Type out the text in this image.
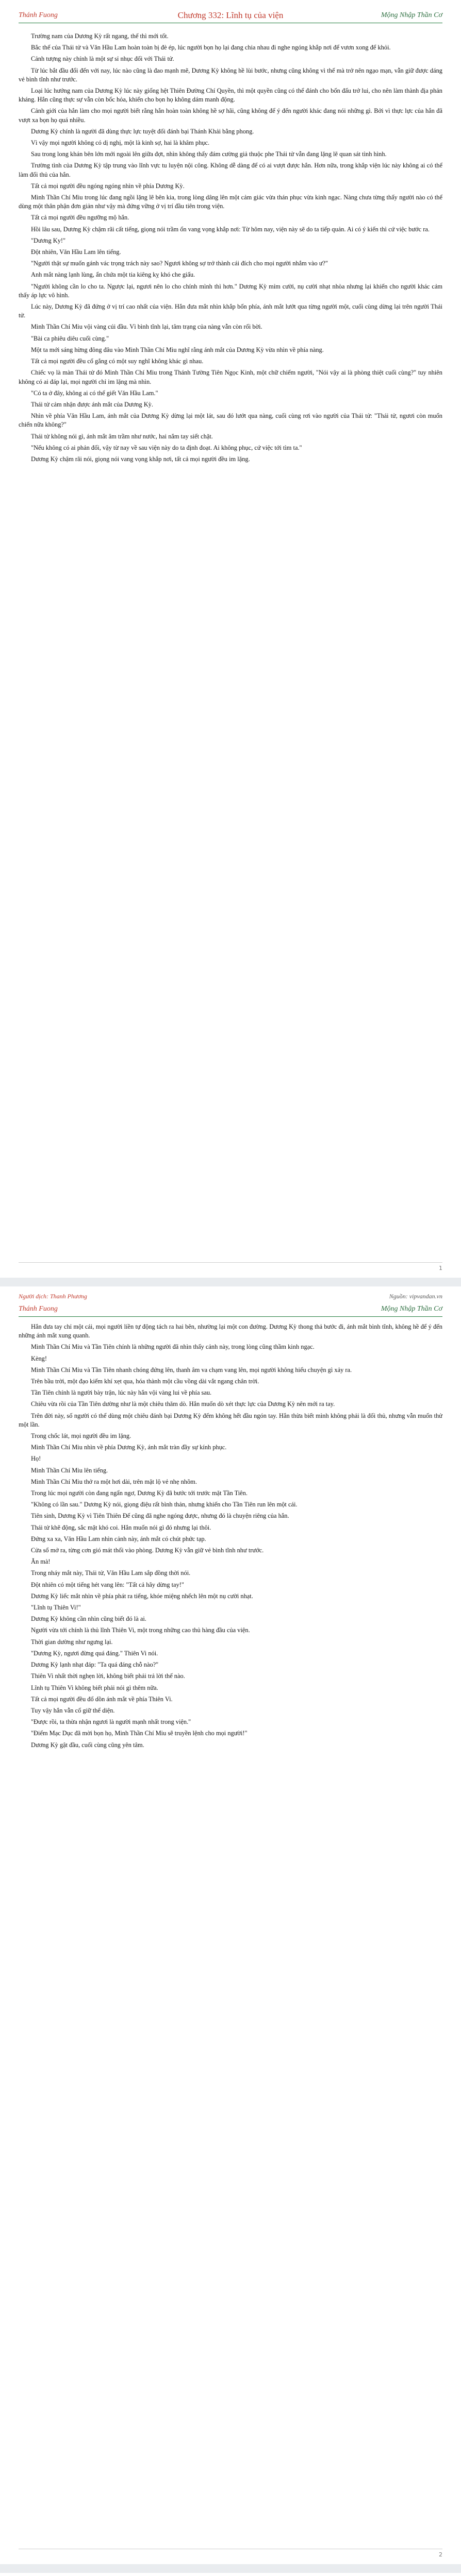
Thánh Fuong	Mộng Nhập Thần Cơ
Chương 332: Lĩnh tụ của viện

Trường nam của Dương Kỳ rất ngang, thế thì mới tốt.

Bắc thế của Thái tử và Văn Hầu Lam hoàn toàn bị đè ép, lúc người bọn họ lại đang chia nhau đi nghe ngóng khắp nơi để vươn xong để khỏi.

Cảnh tượng này chính là một sự sỉ nhục đối với Thái tử.

Từ lúc bắt đầu đổi đến với nay, lúc nào cũng là đao mạnh mẽ, Dương Kỳ không hề lùi bước, nhưng cũng không vì thế mà trở nên ngạo mạn, vẫn giữ được dáng vẻ bình tĩnh như trước.

Loại lúc hướng nam của Dương Kỳ lúc này giống hệt Thiên Đường Chí Quyền, thì một quyền cũng có thể đánh cho bốn đấu trở lui, cho nên làm thành địa phản kháng. Hắn cũng thực sự vẫn còn bốc hỏa, khiến cho bọn họ không dám manh động.

Cảnh giới của hắn làm cho mọi người biết rằng hắn hoàn toàn không hề sợ hãi, cũng không để ý đến người khác đang nói những gì. Bởi vì thực lực của hắn đã vượt xa bọn họ quá nhiều.

Dương Kỳ chính là người đã dùng thực lực tuyệt đối đánh bại Thánh Khải bằng phong.

Vì vậy mọi người không có dị nghị, một là kinh sợ, hai là khâm phục.

Sau trong long khán bên lớn mới ngoài lên giữa đợt, nhìn không thấy đám cường giả thuộc phe Thái tử vẫn đang lặng lẽ quan sát tình hình.

Trường tình của Dương Kỳ tập trung vào lĩnh vực tu luyện nội công. Không dễ dàng để có ai vượt được hắn. Hơn nữa, trong khắp viện lúc này không ai có thể làm đối thủ của hắn.

Tất cả mọi người đều ngóng ngóng nhìn về phía Dương Kỳ.

Minh Thần Chí Miu trong lúc đang ngồi lặng lẽ bên kia, trong lòng dâng lên một cảm giác vừa thán phục vừa kinh ngạc. Nàng chưa từng thấy người nào có thể dùng một thân phận đơn giản như vậy mà đứng vững ở vị trí đầu tiên trong viện.

Tất cả mọi người đều ngưỡng mộ hắn.

Hồi lâu sau, Dương Kỳ chậm rãi cất tiếng, giọng nói trầm ổn vang vọng khắp nơi: Từ hôm nay, viện này sẽ do ta tiếp quản. Ai có ý kiến thì cứ việc bước ra.

"Dương Ky!"

Đột nhiên, Văn Hầu Lam lên tiếng.

"Người thật sự muốn gánh vác trọng trách này sao? Ngươi không sợ trở thành cái đích cho mọi người nhắm vào ư?"

Anh mắt nàng lạnh lùng, ẩn chứa một tia kiêng kỵ khó che giấu.

"Người không cần lo cho ta. Ngược lại, ngươi nên lo cho chính mình thì hơn." Dương Kỳ mỉm cười, nụ cười nhạt nhòa nhưng lại khiến cho người khác cảm thấy áp lực vô hình.

Lúc này, Dương Kỳ đã đứng ở vị trí cao nhất của viện. Hắn đưa mắt nhìn khắp bốn phía, ánh mắt lướt qua từng người một, cuối cùng dừng lại trên người Thái tử.

Minh Thần Chí Miu vội vàng cúi đầu. Vì bình tĩnh lại, tâm trạng của nàng vẫn còn rối bời.

"Bài ca phiêu diêu cuối cùng."

Một ta mới sáng hừng đông đâu vào Minh Thần Chí Miu nghĩ rằng ánh mắt của Dương Kỳ vừa nhìn về phía nàng.

Tất cả mọi người đều cố gắng có một suy nghĩ không khác gì nhau.

Chiếc vọ là màn Thái tử đó Minh Thần Chí Miu trong Thánh Tường Tiên Ngọc Kinh, một chữ chiếm người, "Nói vậy ai là phòng thiệt cuối cùng?" tuy nhiên không có ai đáp lại, mọi người chỉ im lặng mà nhìn.

"Có ta ở đây, không ai có thể giết Văn Hầu Lam."

Thái tử cảm nhận được ánh mắt của Dương Kỳ.

Nhìn về phía Văn Hầu Lam, ánh mắt của Dương Kỳ dừng lại một lát, sau đó lướt qua nàng, cuối cùng rơi vào người của Thái tử: "Thái tử, ngươi còn muốn chiến nữa không?"

Thái tử không nói gì, ánh mắt âm trầm như nước, hai nắm tay siết chặt.

"Nếu không có ai phản đối, vậy từ nay về sau viện này do ta định đoạt. Ai không phục, cứ việc tới tìm ta."

Dương Kỳ chậm rãi nói, giọng nói vang vọng khắp nơi, tất cả mọi người đều im lặng.

1
Người dịch: Thanh Phương	Nguồn: vipvandan.vn
Thánh Fuong	Mộng Nhập Thần Cơ

Hắn đưa tay chỉ một cái, mọi người liền tự động tách ra hai bên, nhường lại một con đường. Dương Kỳ thong thả bước đi, ánh mắt bình tĩnh, không hề để ý đến những ánh mắt xung quanh.

Minh Thần Chí Miu và Tần Tiên chính là những người đã nhìn thấy cảnh này, trong lòng cũng thầm kinh ngạc.

Kèng!

Minh Thần Chí Miu và Tần Tiên nhanh chóng đứng lên, thanh âm va chạm vang lên, mọi người không hiểu chuyện gì xảy ra.

Trên bầu trời, một đạo kiếm khí xẹt qua, hóa thành một cầu vồng dài vắt ngang chân trời.

Tần Tiên chính là người bày trận, lúc này hắn vội vàng lui về phía sau.

Chiêu vừa rồi của Tần Tiên dường như là một chiêu thăm dò. Hắn muốn dò xét thực lực của Dương Kỳ nên mới ra tay.

Trên đời này, số người có thể dùng một chiêu đánh bại Dương Kỳ đếm không hết đầu ngón tay. Hắn thừa biết mình không phải là đối thủ, nhưng vẫn muốn thử một lần.

Trong chốc lát, mọi người đều im lặng.

Minh Thần Chí Miu nhìn về phía Dương Kỳ, ánh mắt tràn đầy sự kính phục.

Họ!

Minh Thần Chí Miu lên tiếng.

Minh Thần Chí Miu thở ra một hơi dài, trên mặt lộ vẻ nhẹ nhõm.

Trong lúc mọi người còn đang ngẩn ngơ, Dương Kỳ đã bước tới trước mặt Tần Tiên.

"Không có lần sau." Dương Kỳ nói, giọng điệu rất bình thản, nhưng khiến cho Tần Tiên run lên một cái.

Tiên sinh, Dương Kỳ vì Tiên Thiên Đế cũng đã nghe ngóng được, nhưng đó là chuyện riêng của hắn.

Thái tử khẽ động, sắc mặt khó coi. Hắn muốn nói gì đó nhưng lại thôi.

Đứng xa xa, Văn Hầu Lam nhìn cảnh này, ánh mắt có chút phức tạp.

Cửa sổ mở ra, từng cơn gió mát thổi vào phòng. Dương Kỳ vẫn giữ vẻ bình tĩnh như trước.

Ăn mà!

Trong nháy mắt này, Thái tử, Văn Hầu Lam sắp đồng thời nói.

Đột nhiên có một tiếng hét vang lên: "Tất cả hãy dừng tay!"

Dương Kỳ liếc mắt nhìn về phía phát ra tiếng, khóe miệng nhếch lên một nụ cười nhạt.

"Lĩnh tụ Thiên Vi!"

Dương Kỳ không cần nhìn cũng biết đó là ai.

Người vừa tới chính là thủ lĩnh Thiên Vi, một trong những cao thủ hàng đầu của viện.

Thời gian dường như ngưng lại.

"Dương Kỳ, ngươi đừng quá đáng." Thiên Vi nói.

Dương Kỳ lạnh nhạt đáp: "Ta quá đáng chỗ nào?"

Thiên Vi nhất thời nghẹn lời, không biết phải trả lời thế nào.

Lĩnh tụ Thiên Vi không biết phải nói gì thêm nữa.

Tất cả mọi người đều đổ dồn ánh mắt về phía Thiên Vi.

Tuy vậy hắn vẫn cố giữ thể diện.

"Được rồi, ta thừa nhận ngươi là người mạnh nhất trong viện."

"Điểm Mạc Dục đã mời bọn họ, Minh Thần Chí Miu sẽ truyền lệnh cho mọi người!"

Dương Kỳ gật đầu, cuối cùng cũng yên tâm.

2
